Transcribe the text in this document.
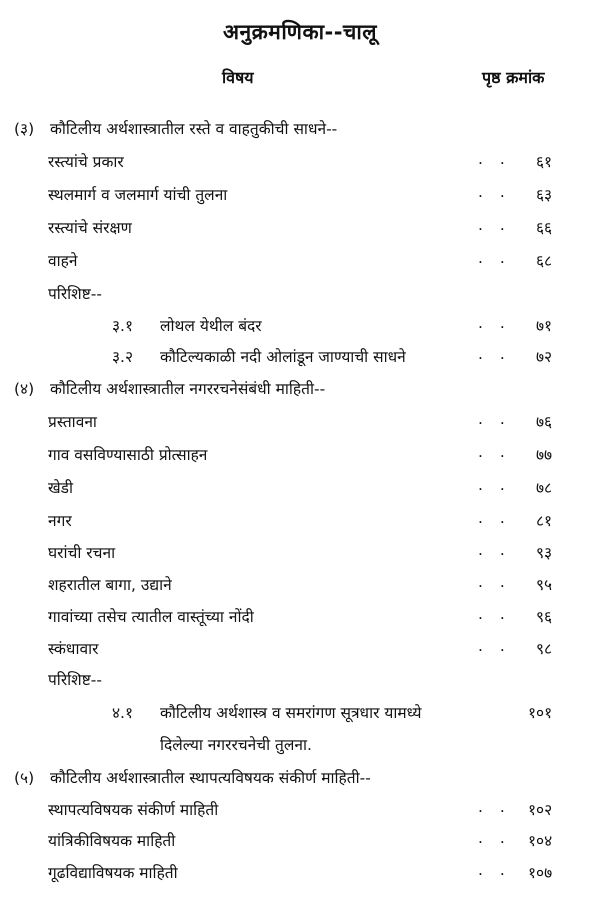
अनुक्रमणिका--चालू
विषय	पृष्ठ क्रमांक
(३) कौटिलीय अर्थशास्त्रातील रस्ते व वाहतुकीची साधने--
रस्त्यांचे प्रकार	. . ६१
स्थलमार्ग व जलमार्ग यांची तुलना	. . ६३
रस्त्यांचे संरक्षण	. . ६६
वाहने	. . ६८
परिशिष्ट--
३.१ लोथल येथील बंदर	. . ७१
३.२ कौटिल्यकाळी नदी ओलांडून जाण्याची साधने	. . ७२
(४) कौटिलीय अर्थशास्त्रातील नगररचनेसंबंधी माहिती--
प्रस्तावना	. . ७६
गाव वसविण्यासाठी प्रोत्साहन	. . ७७
खेडी	. . ७८
नगर	. . ८१
घरांची रचना	. . ९३
शहरातील बागा, उद्याने	. . ९५
गावांच्या तसेच त्यातील वास्तूंच्या नोंदी	. . ९६
स्कंधावार	. . ९८
परिशिष्ट--
४.१ कौटिलीय अर्थशास्त्र व समरांगण सूत्रधार यामध्ये	१०१
दिलेल्या नगररचनेची तुलना.
(५) कौटिलीय अर्थशास्त्रातील स्थापत्यविषयक संकीर्ण माहिती--
स्थापत्यविषयक संकीर्ण माहिती	. . १०२
यांत्रिकीविषयक माहिती	. . १०४
गूढविद्याविषयक माहिती	. . १०७
